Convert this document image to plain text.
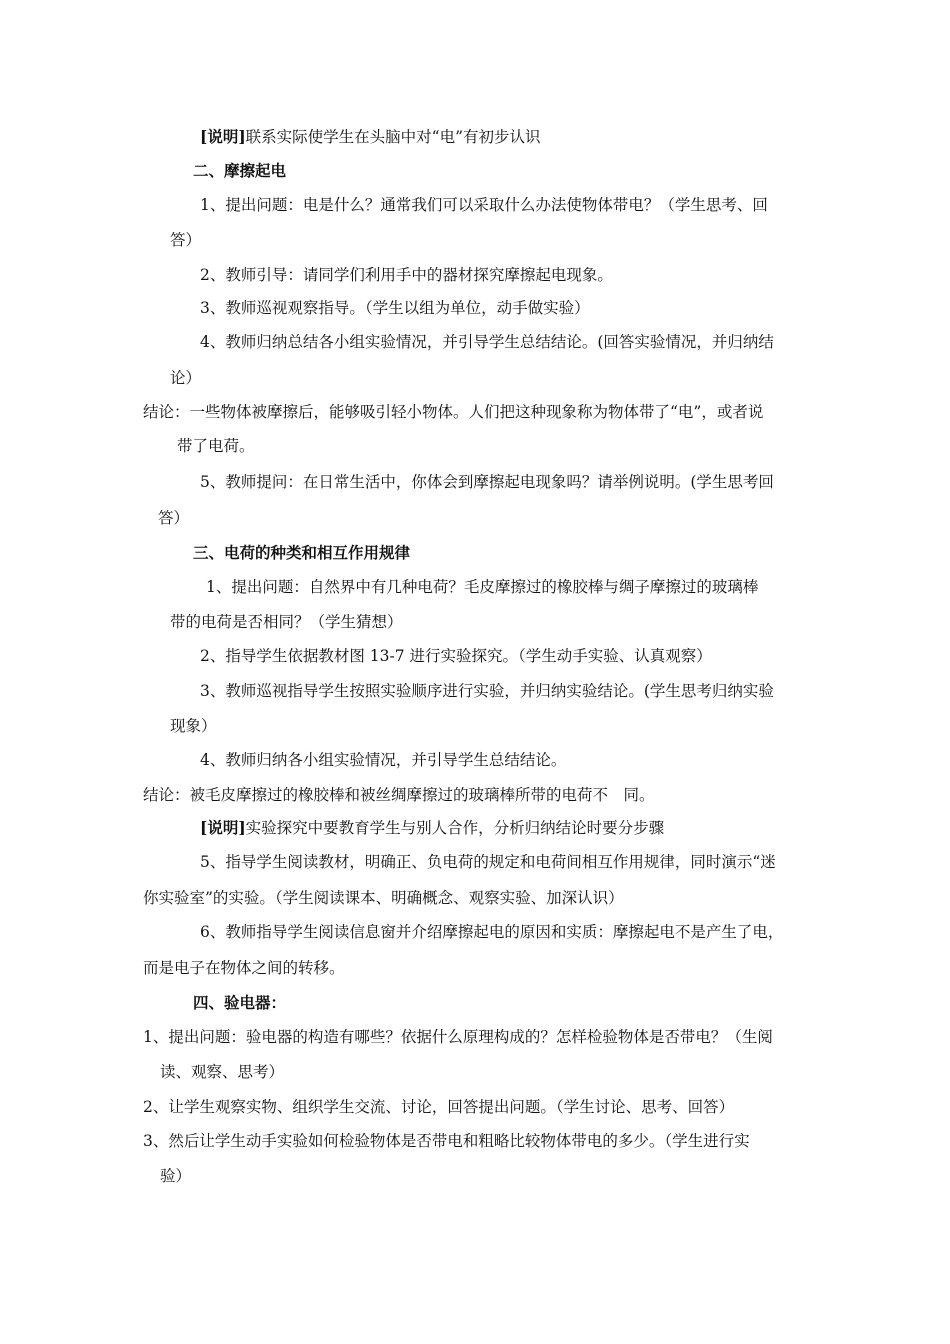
[说明]联系实际使学生在头脑中对“电”有初步认识
二、摩擦起电
1、提出问题：电是什么？通常我们可以采取什么办法使物体带电？（学生思考、回
答）
2、教师引导：请同学们利用手中的器材探究摩擦起电现象。
3、教师巡视观察指导。（学生以组为单位，动手做实验）
4、教师归纳总结各小组实验情况，并引导学生总结结论。(回答实验情况，并归纳结
论）
结论：一些物体被摩擦后，能够吸引轻小物体。人们把这种现象称为物体带了“电”，或者说
带了电荷。
5、教师提问：在日常生活中，你体会到摩擦起电现象吗？请举例说明。(学生思考回
答）
三、电荷的种类和相互作用规律
1、提出问题：自然界中有几种电荷？毛皮摩擦过的橡胶棒与绸子摩擦过的玻璃棒
带的电荷是否相同？（学生猜想）
2、指导学生依据教材图 13-7 进行实验探究。（学生动手实验、认真观察）
3、教师巡视指导学生按照实验顺序进行实验，并归纳实验结论。(学生思考归纳实验
现象）
4、教师归纳各小组实验情况，并引导学生总结结论。
结论：被毛皮摩擦过的橡胶棒和被丝绸摩擦过的玻璃棒所带的电荷不　同。
[说明]实验探究中要教育学生与别人合作，分析归纳结论时要分步骤
5、指导学生阅读教材，明确正、负电荷的规定和电荷间相互作用规律，同时演示“迷
你实验室”的实验。（学生阅读课本、明确概念、观察实验、加深认识）
6、教师指导学生阅读信息窗并介绍摩擦起电的原因和实质：摩擦起电不是产生了电，
而是电子在物体之间的转移。
四、验电器：
1、提出问题：验电器的构造有哪些？依据什么原理构成的？怎样检验物体是否带电？（生阅
读、观察、思考）
2、让学生观察实物、组织学生交流、讨论，回答提出问题。（学生讨论、思考、回答）
3、然后让学生动手实验如何检验物体是否带电和粗略比较物体带电的多少。（学生进行实
验）
